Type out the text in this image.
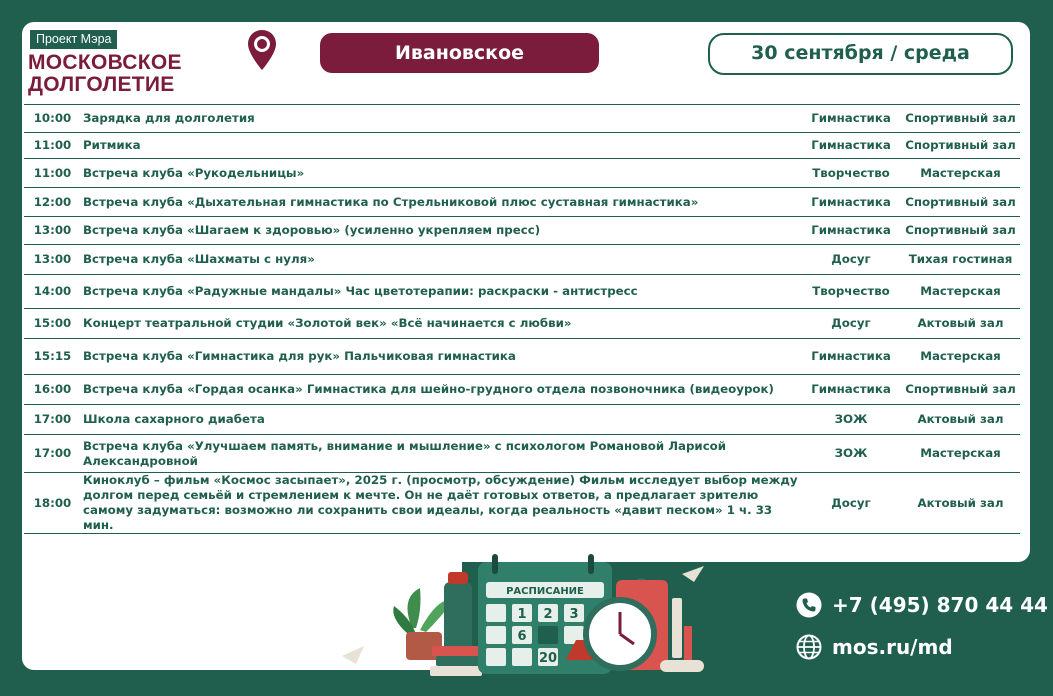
Проект Мэра
МОСКОВСКОЕ
ДОЛГОЛЕТИЕ
Ивановское	30 сентября / среда
10:00	Зарядка для долголетия	Гимнастика	Спортивный зал
11:00	Ритмика	Гимнастика	Спортивный зал
11:00	Встреча клуба «Рукодельницы»	Творчество	Мастерская
12:00	Встреча клуба «Дыхательная гимнастика по Стрельниковой плюс суставная гимнастика»	Гимнастика	Спортивный зал
13:00	Встреча клуба «Шагаем к здоровью» (усиленно укрепляем пресс)	Гимнастика	Спортивный зал
13:00	Встреча клуба «Шахматы с нуля»	Досуг	Тихая гостиная
14:00	Встреча клуба «Радужные мандалы» Час цветотерапии: раскраски - антистресс	Творчество	Мастерская
15:00	Концерт театральной студии «Золотой век» «Всё начинается с любви»	Досуг	Актовый зал
15:15	Встреча клуба «Гимнастика для рук» Пальчиковая гимнастика	Гимнастика	Мастерская
16:00	Встреча клуба «Гордая осанка» Гимнастика для шейно-грудного отдела позвоночника (видеоурок)	Гимнастика	Спортивный зал
17:00	Школа сахарного диабета	ЗОЖ	Актовый зал
17:00	Встреча клуба «Улучшаем память, внимание и мышление» с психологом Романовой Ларисой Александровной	ЗОЖ	Мастерская
18:00	Киноклуб – фильм «Космос засыпает», 2025 г. (просмотр, обсуждение) Фильм исследует выбор между долгом перед семьёй и стремлением к мечте. Он не даёт готовых ответов, а предлагает зрителю самому задуматься: возможно ли сохранить свои идеалы, когда реальность «давит песком» 1 ч. 33 мин.	Досуг	Актовый зал
РАСПИСАНИЕ
1 2 3
6
20
+7 (495) 870 44 44
mos.ru/md
